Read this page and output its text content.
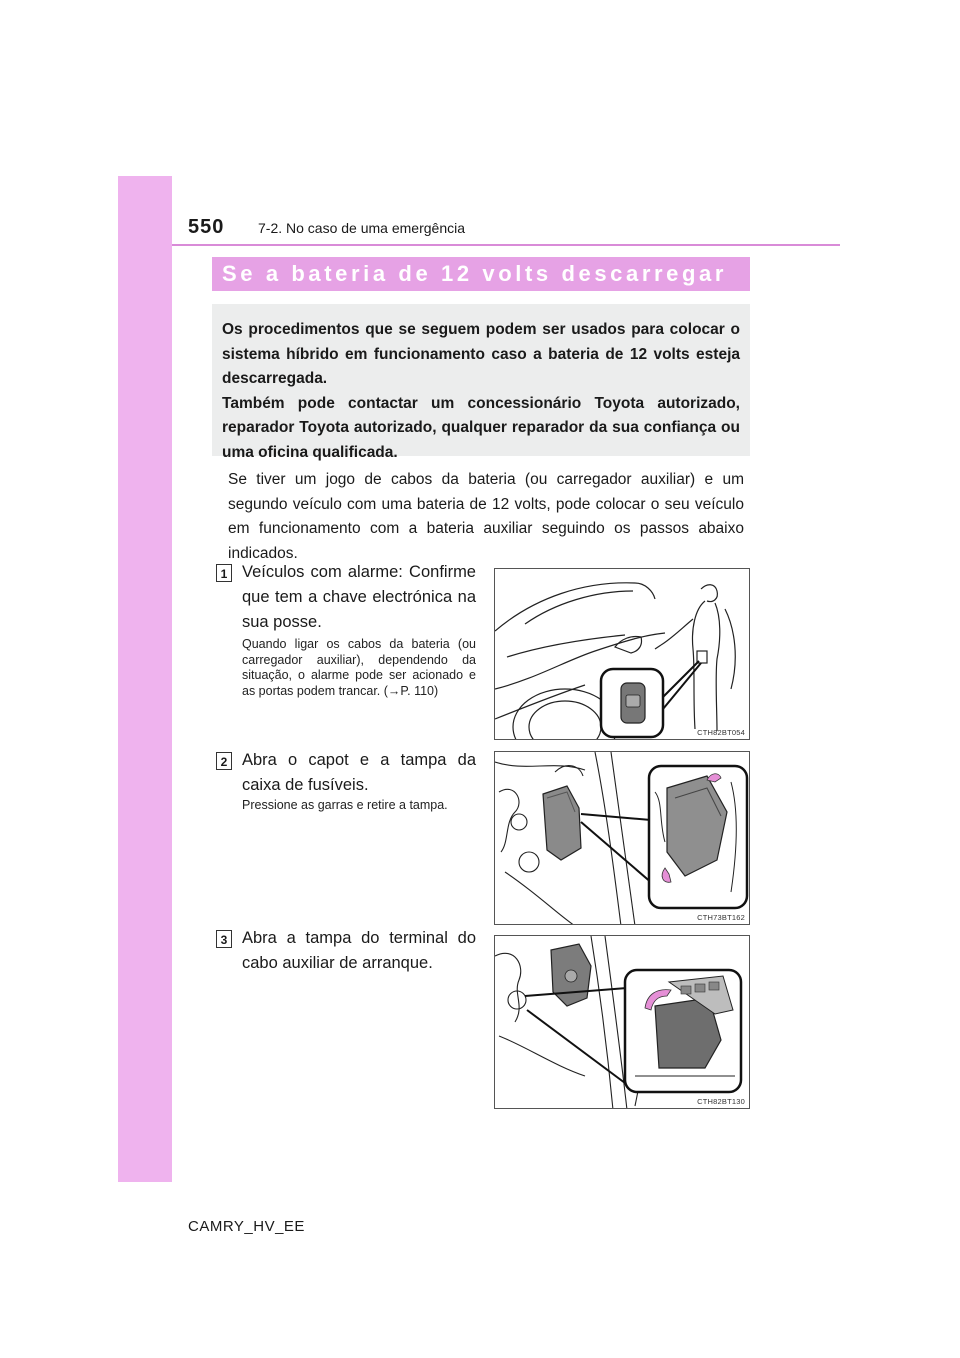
550 7-2. No caso de uma emergência
Se a bateria de 12 volts descarregar

Os procedimentos que se seguem podem ser usados para colocar o sistema híbrido em funcionamento caso a bateria de 12 volts esteja descarregada.

Também pode contactar um concessionário Toyota autorizado, reparador Toyota autorizado, qualquer reparador da sua confiança ou uma oficina qualificada.

Se tiver um jogo de cabos da bateria (ou carregador auxiliar) e um segundo veículo com uma bateria de 12 volts, pode colocar o seu veículo em funcionamento com a bateria auxiliar seguindo os passos abaixo indicados.

1 Veículos com alarme: Confirme que tem a chave electrónica na sua posse.

Quando ligar os cabos da bateria (ou carregador auxiliar), dependendo da situação, o alarme pode ser acionado e as portas podem trancar. (→P. 110)

CTH82BT054
2 Abra o capot e a tampa da caixa de fusíveis.

Pressione as garras e retire a tampa.

CTH73BT162
3 Abra a tampa do terminal do cabo auxiliar de arranque.

CTH82BT130
CAMRY_HV_EE
